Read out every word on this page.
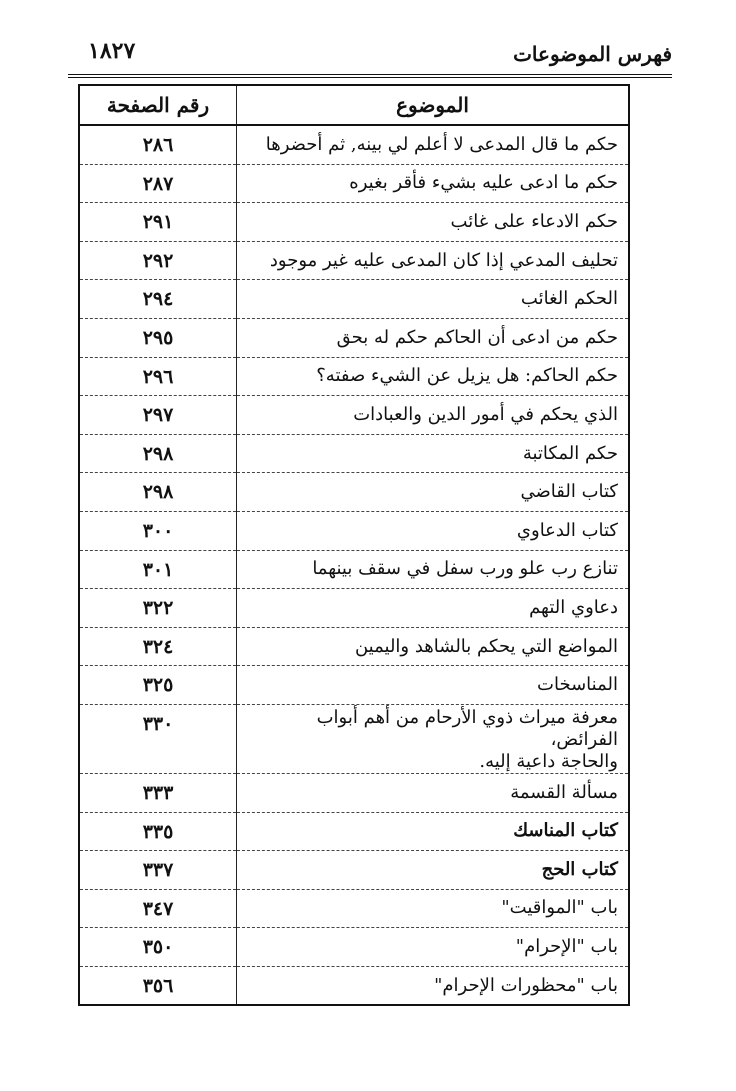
١٨٢٧	فهرس الموضوعات
الموضوع	رقم الصفحة
حكم ما قال المدعى لا أعلم لي بينه, ثم أحضرها	٢٨٦
حكم ما ادعى عليه بشيء فأقر بغيره	٢٨٧
حكم الادعاء على غائب	٢٩١
تحليف المدعي إذا كان المدعى عليه غير موجود	٢٩٢
الحكم الغائب	٢٩٤
حكم من ادعى أن الحاكم حكم له بحق	٢٩٥
حكم الحاكم: هل يزيل عن الشيء صفته؟	٢٩٦
الذي يحكم في أمور الدين والعبادات	٢٩٧
حكم المكاتبة	٢٩٨
كتاب القاضي	٢٩٨
كتاب الدعاوي	٣٠٠
تنازع رب علو ورب سفل في سقف بينهما	٣٠١
دعاوي التهم	٣٢٢
المواضع التي يحكم بالشاهد واليمين	٣٢٤
المناسخات	٣٢٥

معرفة ميراث ذوي الأرحام من أهم أبواب الفرائض،
والحاجة داعية إليه.	٣٣٠
مسألة القسمة	٣٣٣
كتاب المناسك	٣٣٥
كتاب الحج	٣٣٧
باب "المواقيت"	٣٤٧
باب "الإحرام"	٣٥٠
باب "محظورات الإحرام"	٣٥٦
